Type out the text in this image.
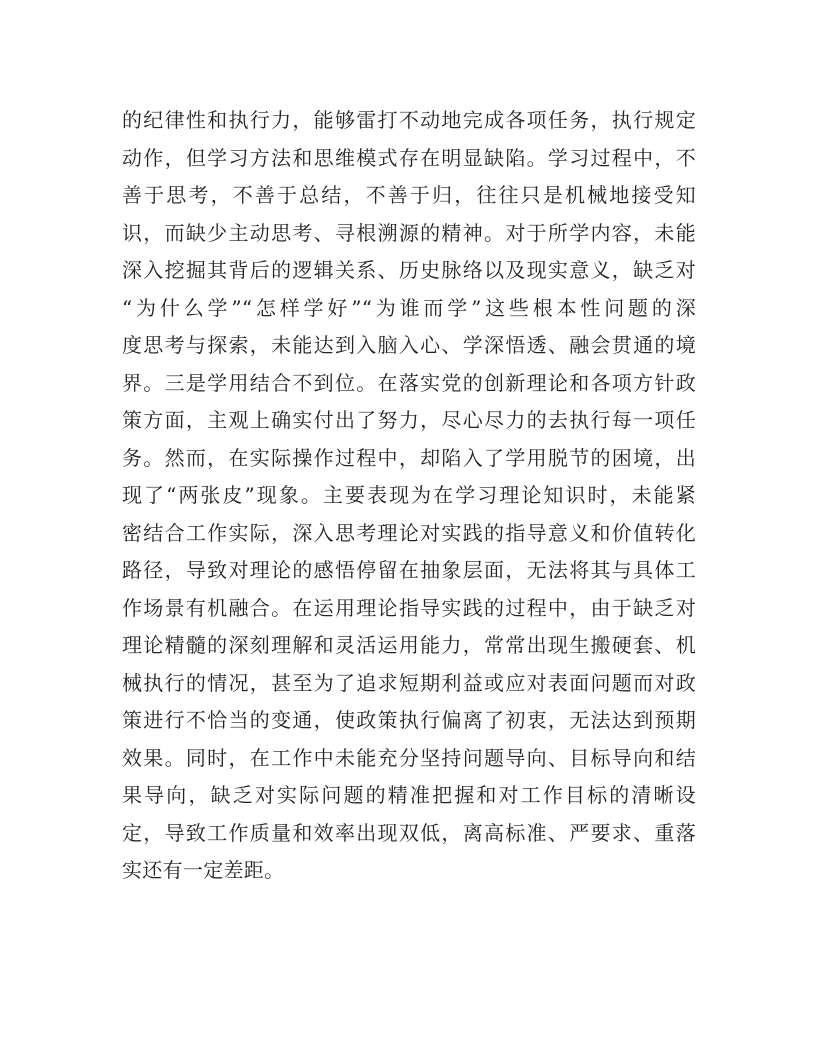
的纪律性和执行力，能够雷打不动地完成各项任务，执行规定
动作，但学习方法和思维模式存在明显缺陷。学习过程中，不
善于思考，不善于总结，不善于归，往往只是机械地接受知
识，而缺少主动思考、寻根溯源的精神。对于所学内容，未能
深入挖掘其背后的逻辑关系、历史脉络以及现实意义，缺乏对
“为什么学”“怎样学好”“为谁而学”这些根本性问题的深
度思考与探索，未能达到入脑入心、学深悟透、融会贯通的境
界。三是学用结合不到位。在落实党的创新理论和各项方针政
策方面，主观上确实付出了努力，尽心尽力的去执行每一项任
务。然而，在实际操作过程中，却陷入了学用脱节的困境，出
现了“两张皮”现象。主要表现为在学习理论知识时，未能紧
密结合工作实际，深入思考理论对实践的指导意义和价值转化
路径，导致对理论的感悟停留在抽象层面，无法将其与具体工
作场景有机融合。在运用理论指导实践的过程中，由于缺乏对
理论精髓的深刻理解和灵活运用能力，常常出现生搬硬套、机
械执行的情况，甚至为了追求短期利益或应对表面问题而对政
策进行不恰当的变通，使政策执行偏离了初衷，无法达到预期
效果。同时，在工作中未能充分坚持问题导向、目标导向和结
果导向，缺乏对实际问题的精准把握和对工作目标的清晰设
定，导致工作质量和效率出现双低，离高标准、严要求、重落
实还有一定差距。
